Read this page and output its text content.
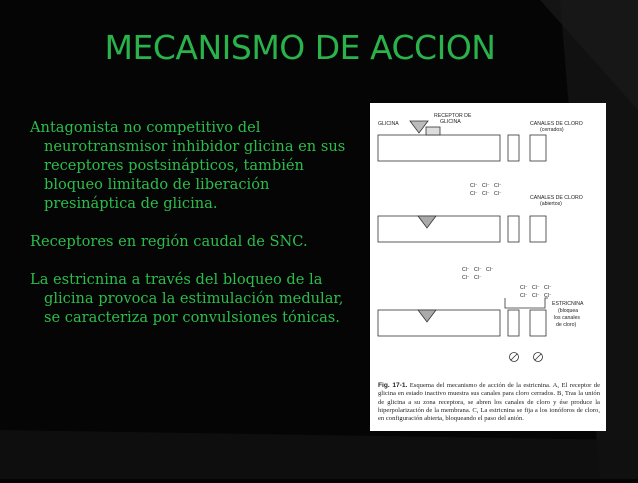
MECANISMO DE ACCION

Antagonista no competitivo del neurotransmisor inhibidor glicina en sus receptores postsinápticos, también bloqueo limitado de liberación presináptica de glicina.

Receptores en región caudal de SNC.

La estricnina a través del bloqueo de la glicina provoca la estimulación medular, se caracteriza por convulsiones tónicas.

GLICINA
RECEPTOR DE
GLICINA	CANALES DE CLORO
(cerrados)
Cl⁻ Cl⁻ Cl⁻
Cl⁻ Cl⁻ Cl⁻
CANALES DE CLORO
(abiertos)
Cl⁻ Cl⁻ Cl⁻
Cl⁻ Cl⁻
Cl⁻ Cl⁻ Cl⁻
Cl⁻ Cl⁻ Cl⁻
ESTRICNINA
(bloquea
los canales
de cloro)
Fig. 17-1. Esquema del mecanismo de acción de la estricnina. A, El receptor de glicina en estado inactivo muestra sus canales para cloro cerrados. B, Tras la unión de glicina a su zona receptora, se abren los canales de cloro y ése produce la hiperpolarización de la membrana. C, La estricnina se fija a los ionóforos de cloro, en configuración abierta, bloqueando el paso del anión.
